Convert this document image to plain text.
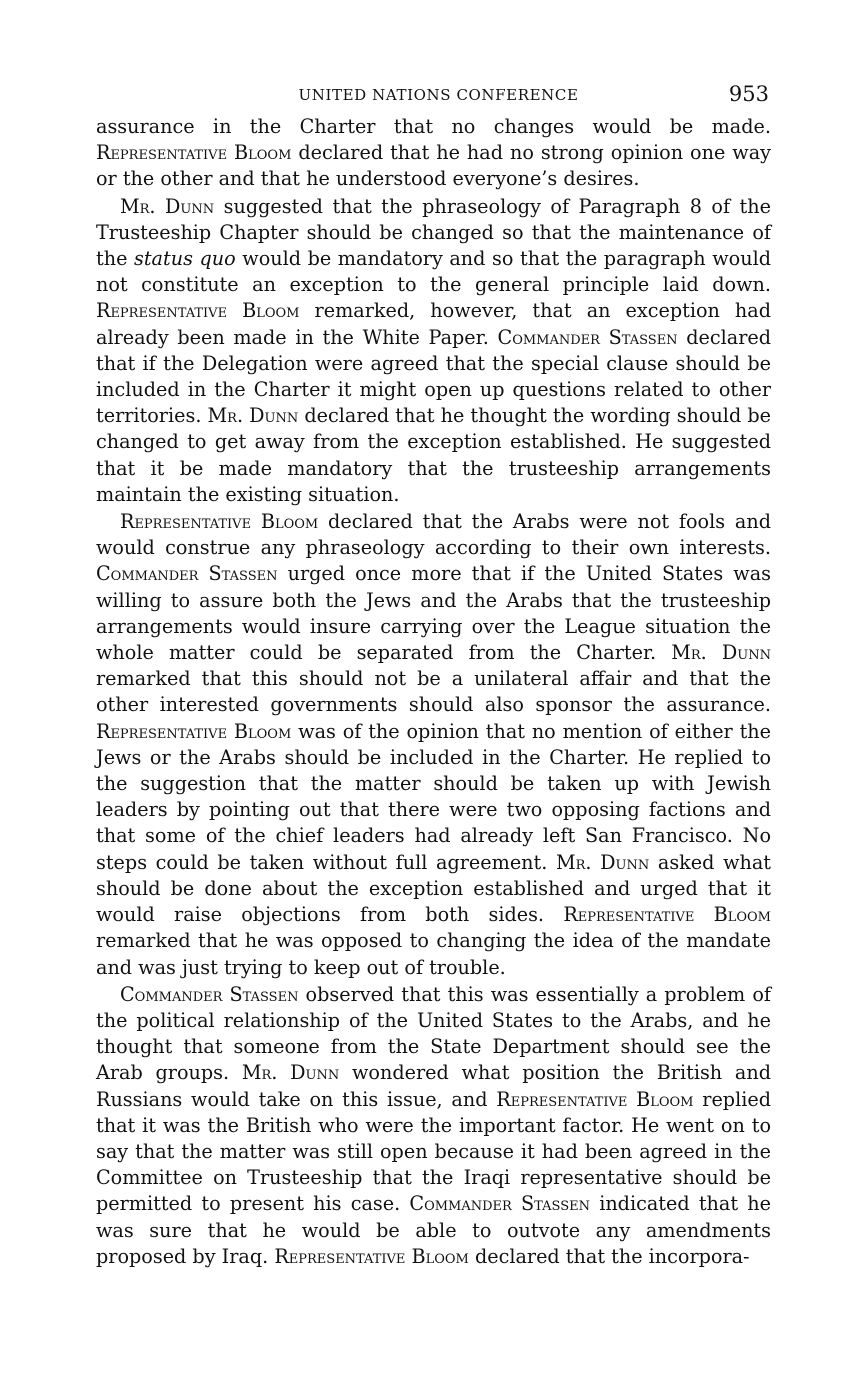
UNITED NATIONS CONFERENCE	953

assurance in the Charter that no changes would be made. Representative Bloom declared that he had no strong opinion one way or the other and that he understood everyone’s desires.

Mr. Dunn suggested that the phraseology of Paragraph 8 of the Trusteeship Chapter should be changed so that the maintenance of the status quo would be mandatory and so that the paragraph would not constitute an exception to the general principle laid down. Representative Bloom remarked, however, that an exception had already been made in the White Paper. Commander Stassen declared that if the Delegation were agreed that the special clause should be included in the Charter it might open up questions related to other territories. Mr. Dunn declared that he thought the wording should be changed to get away from the exception established. He suggested that it be made mandatory that the trusteeship arrangements maintain the existing situation.

Representative Bloom declared that the Arabs were not fools and would construe any phraseology according to their own interests. Commander Stassen urged once more that if the United States was willing to assure both the Jews and the Arabs that the trusteeship arrangements would insure carrying over the League situation the whole matter could be separated from the Charter. Mr. Dunn remarked that this should not be a unilateral affair and that the other interested governments should also sponsor the assurance. Representative Bloom was of the opinion that no mention of either the Jews or the Arabs should be included in the Charter. He replied to the suggestion that the matter should be taken up with Jewish leaders by pointing out that there were two opposing factions and that some of the chief leaders had already left San Francisco. No steps could be taken without full agreement. Mr. Dunn asked what should be done about the exception established and urged that it would raise objections from both sides. Representative Bloom remarked that he was opposed to changing the idea of the mandate and was just trying to keep out of trouble.

Commander Stassen observed that this was essentially a problem of the political relationship of the United States to the Arabs, and he thought that someone from the State Department should see the Arab groups. Mr. Dunn wondered what position the British and Russians would take on this issue, and Representative Bloom replied that it was the British who were the important factor. He went on to say that the matter was still open because it had been agreed in the Committee on Trusteeship that the Iraqi representative should be permitted to present his case. Commander Stassen indicated that he was sure that he would be able to outvote any amendments proposed by Iraq. Representative Bloom declared that the incorpora-
